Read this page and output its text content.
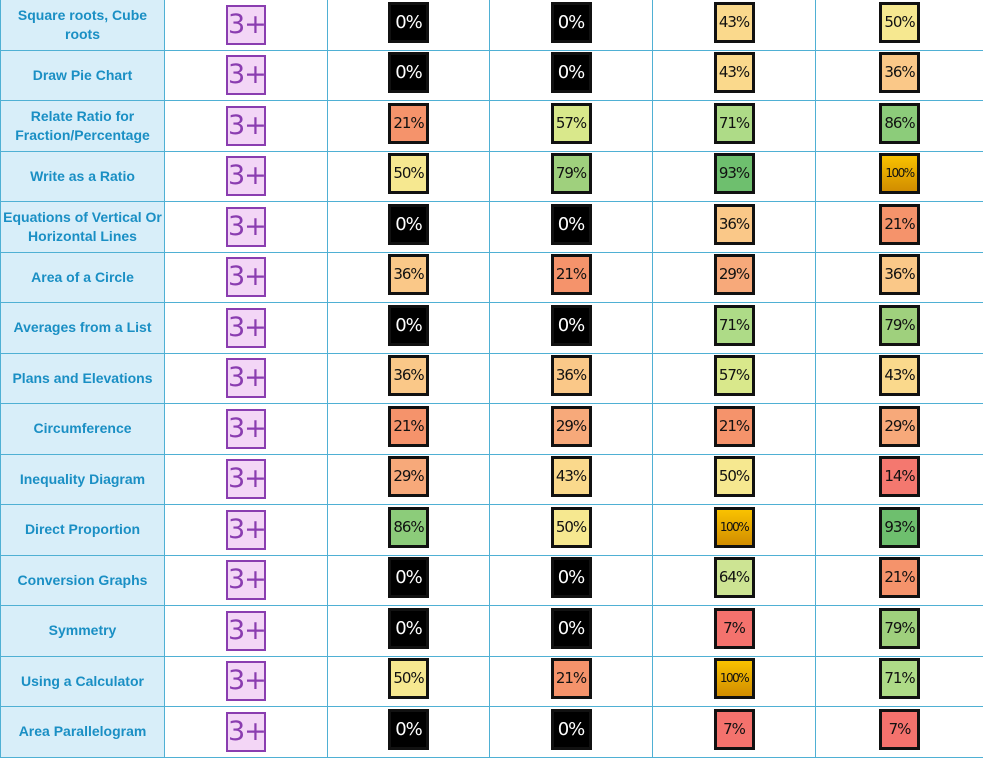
Square roots, Cube roots	3+	0%	0%	43%	50%
Draw Pie Chart	3+	0%	0%	43%	36%
Relate Ratio for Fraction/Percentage	3+	21%	57%	71%	86%
Write as a Ratio	3+	50%	79%	93%	100%
Equations of Vertical Or Horizontal Lines	3+	0%	0%	36%	21%
Area of a Circle	3+	36%	21%	29%	36%
Averages from a List	3+	0%	0%	71%	79%
Plans and Elevations	3+	36%	36%	57%	43%
Circumference	3+	21%	29%	21%	29%
Inequality Diagram	3+	29%	43%	50%	14%
Direct Proportion	3+	86%	50%	100%	93%
Conversion Graphs	3+	0%	0%	64%	21%
Symmetry	3+	0%	0%	7%	79%
Using a Calculator	3+	50%	21%	100%	71%
Area Parallelogram	3+	0%	0%	7%	7%
